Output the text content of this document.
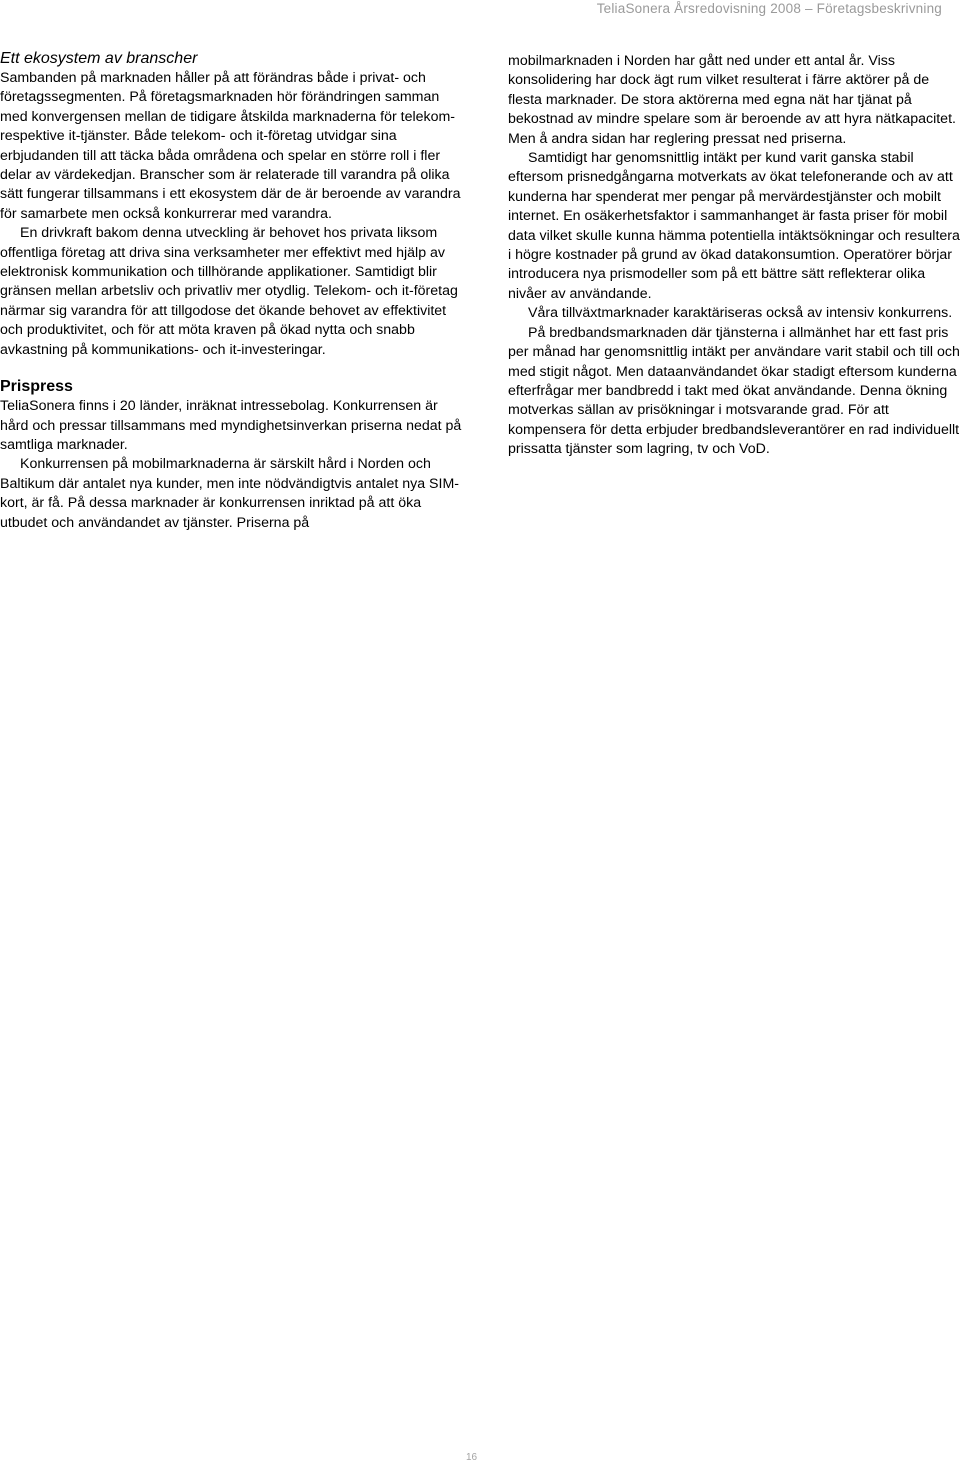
TeliaSonera Årsredovisning 2008 – Företagsbeskrivning
Ett ekosystem av branscher

Sambanden på marknaden håller på att förändras både i privat- och företagssegmenten. På företagsmarknaden hör förändringen samman med konvergensen mellan de tidigare åtskilda marknaderna för telekom- respektive it-tjänster. Både telekom- och it-företag utvidgar sina erbjudanden till att täcka båda områdena och spelar en större roll i fler delar av värdekedjan. Branscher som är relaterade till varandra på olika sätt fungerar tillsammans i ett ekosystem där de är beroende av varandra för samarbete men också konkurrerar med varandra.

En drivkraft bakom denna utveckling är behovet hos privata liksom offentliga företag att driva sina verksamheter mer effektivt med hjälp av elektronisk kommunikation och tillhörande applikationer. Samtidigt blir gränsen mellan arbetsliv och privatliv mer otydlig. Telekom- och it-företag närmar sig varandra för att tillgodose det ökande behovet av effektivitet och produktivitet, och för att möta kraven på ökad nytta och snabb avkastning på kommunikations- och it-investeringar.

Prispress

TeliaSonera finns i 20 länder, inräknat intressebolag. Konkurrensen är hård och pressar tillsammans med myndighetsinverkan priserna nedat på samtliga marknader.

Konkurrensen på mobilmarknaderna är särskilt hård i Norden och Baltikum där antalet nya kunder, men inte nödvändigtvis antalet nya SIM-kort, är få. På dessa marknader är konkurrensen inriktad på att öka utbudet och användandet av tjänster. Priserna på

mobilmarknaden i Norden har gått ned under ett antal år. Viss konsolidering har dock ägt rum vilket resulterat i färre aktörer på de flesta marknader. De stora aktörerna med egna nät har tjänat på bekostnad av mindre spelare som är beroende av att hyra nätkapacitet. Men å andra sidan har reglering pressat ned priserna.

Samtidigt har genomsnittlig intäkt per kund varit ganska stabil eftersom prisnedgångarna motverkats av ökat telefonerande och av att kunderna har spenderat mer pengar på mervärdestjänster och mobilt internet. En osäkerhetsfaktor i sammanhanget är fasta priser för mobil data vilket skulle kunna hämma potentiella intäktsökningar och resultera i högre kostnader på grund av ökad datakonsumtion. Operatörer börjar introducera nya prismodeller som på ett bättre sätt reflekterar olika nivåer av användande.

Våra tillväxtmarknader karaktäriseras också av intensiv konkurrens.

På bredbandsmarknaden där tjänsterna i allmänhet har ett fast pris per månad har genomsnittlig intäkt per användare varit stabil och till och med stigit något. Men dataanvändandet ökar stadigt eftersom kunderna efterfrågar mer bandbredd i takt med ökat användande. Denna ökning motverkas sällan av prisökningar i motsvarande grad. För att kompensera för detta erbjuder bredbandsleverantörer en rad individuellt prissatta tjänster som lagring, tv och VoD.

16
